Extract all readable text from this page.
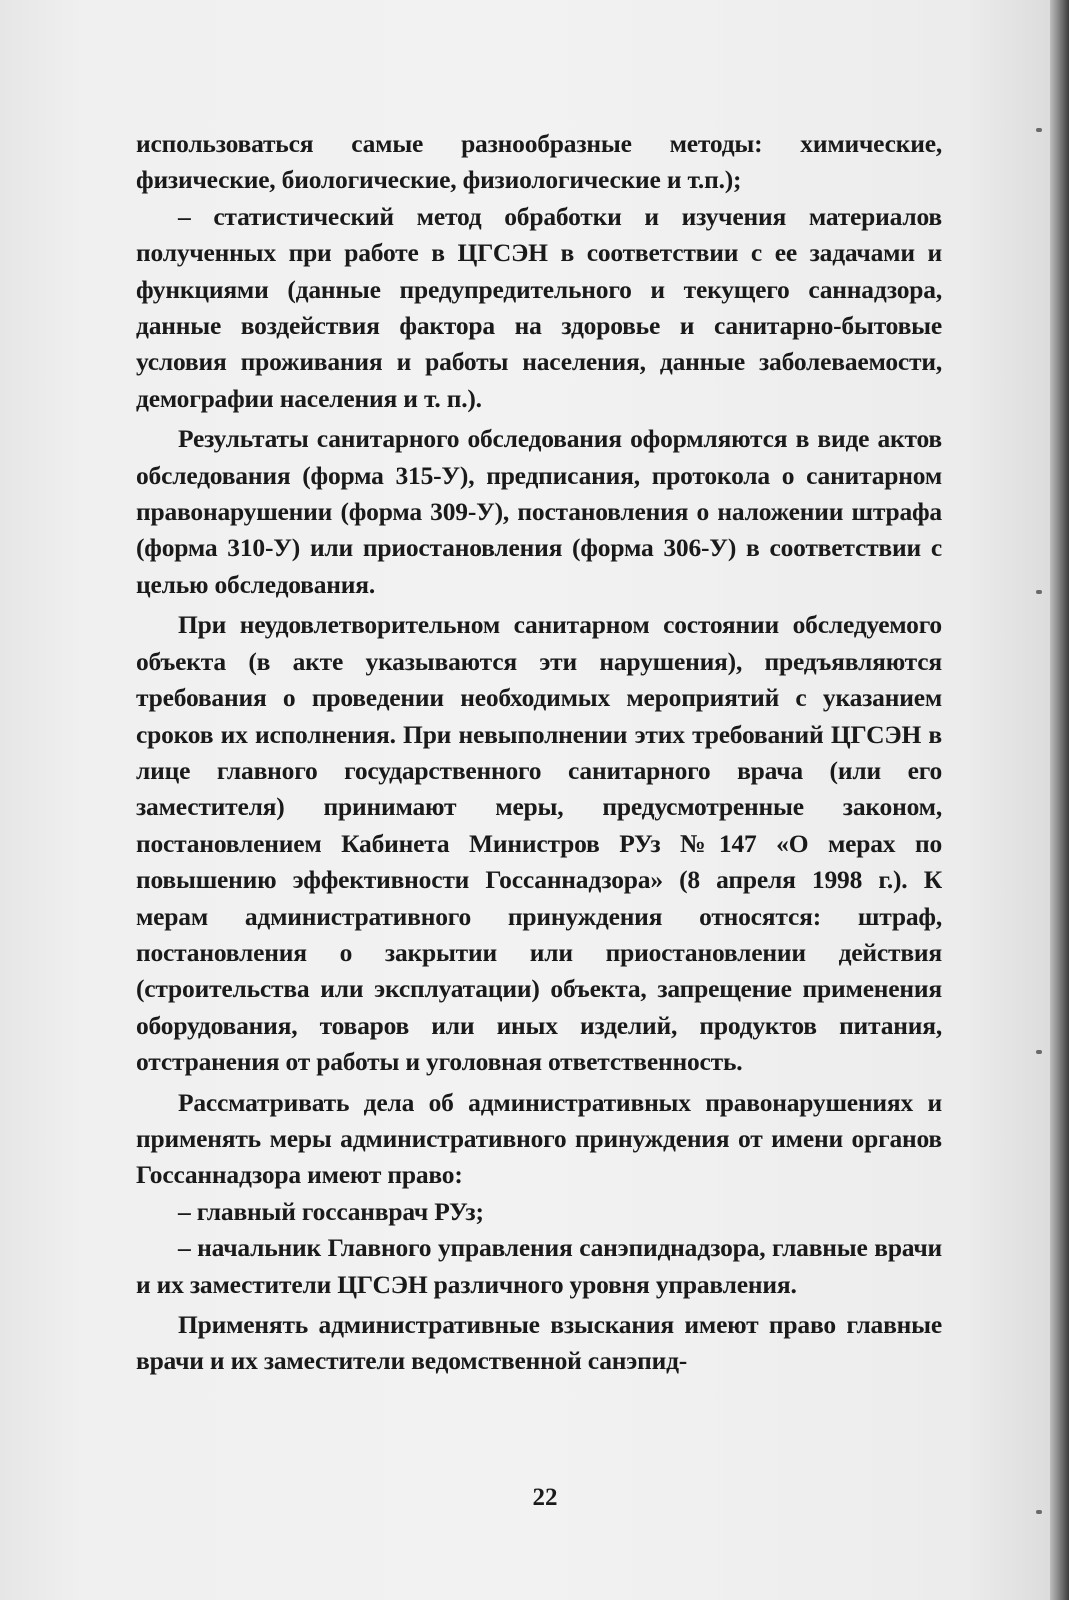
использоваться самые разнообразные методы: химические, физические, биологические, физиологические и т.п.);

– статистический метод обработки и изучения материалов полученных при работе в ЦГСЭН в соответствии с ее задачами и функциями (данные предупредительного и текущего саннадзора, данные воздействия фактора на здоровье и санитарно-бытовые условия проживания и работы населения, данные заболеваемости, демографии населения и т. п.).

Результаты санитарного обследования оформляются в виде актов обследования (форма 315-У), предписания, протокола о санитарном правонарушении (форма 309-У), постановления о наложении штрафа (форма 310-У) или приостановления (форма 306-У) в соответствии с целью обследования.

При неудовлетворительном санитарном состоянии обследуемого объекта (в акте указываются эти нарушения), предъявляются требования о проведении необходимых мероприятий с указанием сроков их исполнения. При невыполнении этих требований ЦГСЭН в лице главного государственного санитарного врача (или его заместителя) принимают меры, предусмотренные законом, постановлением Кабинета Министров РУз №147 «О мерах по повышению эффективности Госсаннадзора» (8 апреля 1998 г.). К мерам административного принуждения относятся: штраф, постановления о закрытии или приостановлении действия (строительства или эксплуатации) объекта, запрещение применения оборудования, товаров или иных изделий, продуктов питания, отстранения от работы и уголовная ответственность.

Рассматривать дела об административных правонарушениях и применять меры административного принуждения от имени органов Госсаннадзора имеют право:

– главный госсанврач РУз;

– начальник Главного управления санэпиднадзора, главные врачи и их заместители ЦГСЭН различного уровня управления.

Применять административные взыскания имеют право главные врачи и их заместители ведомственной санэпид-

22
